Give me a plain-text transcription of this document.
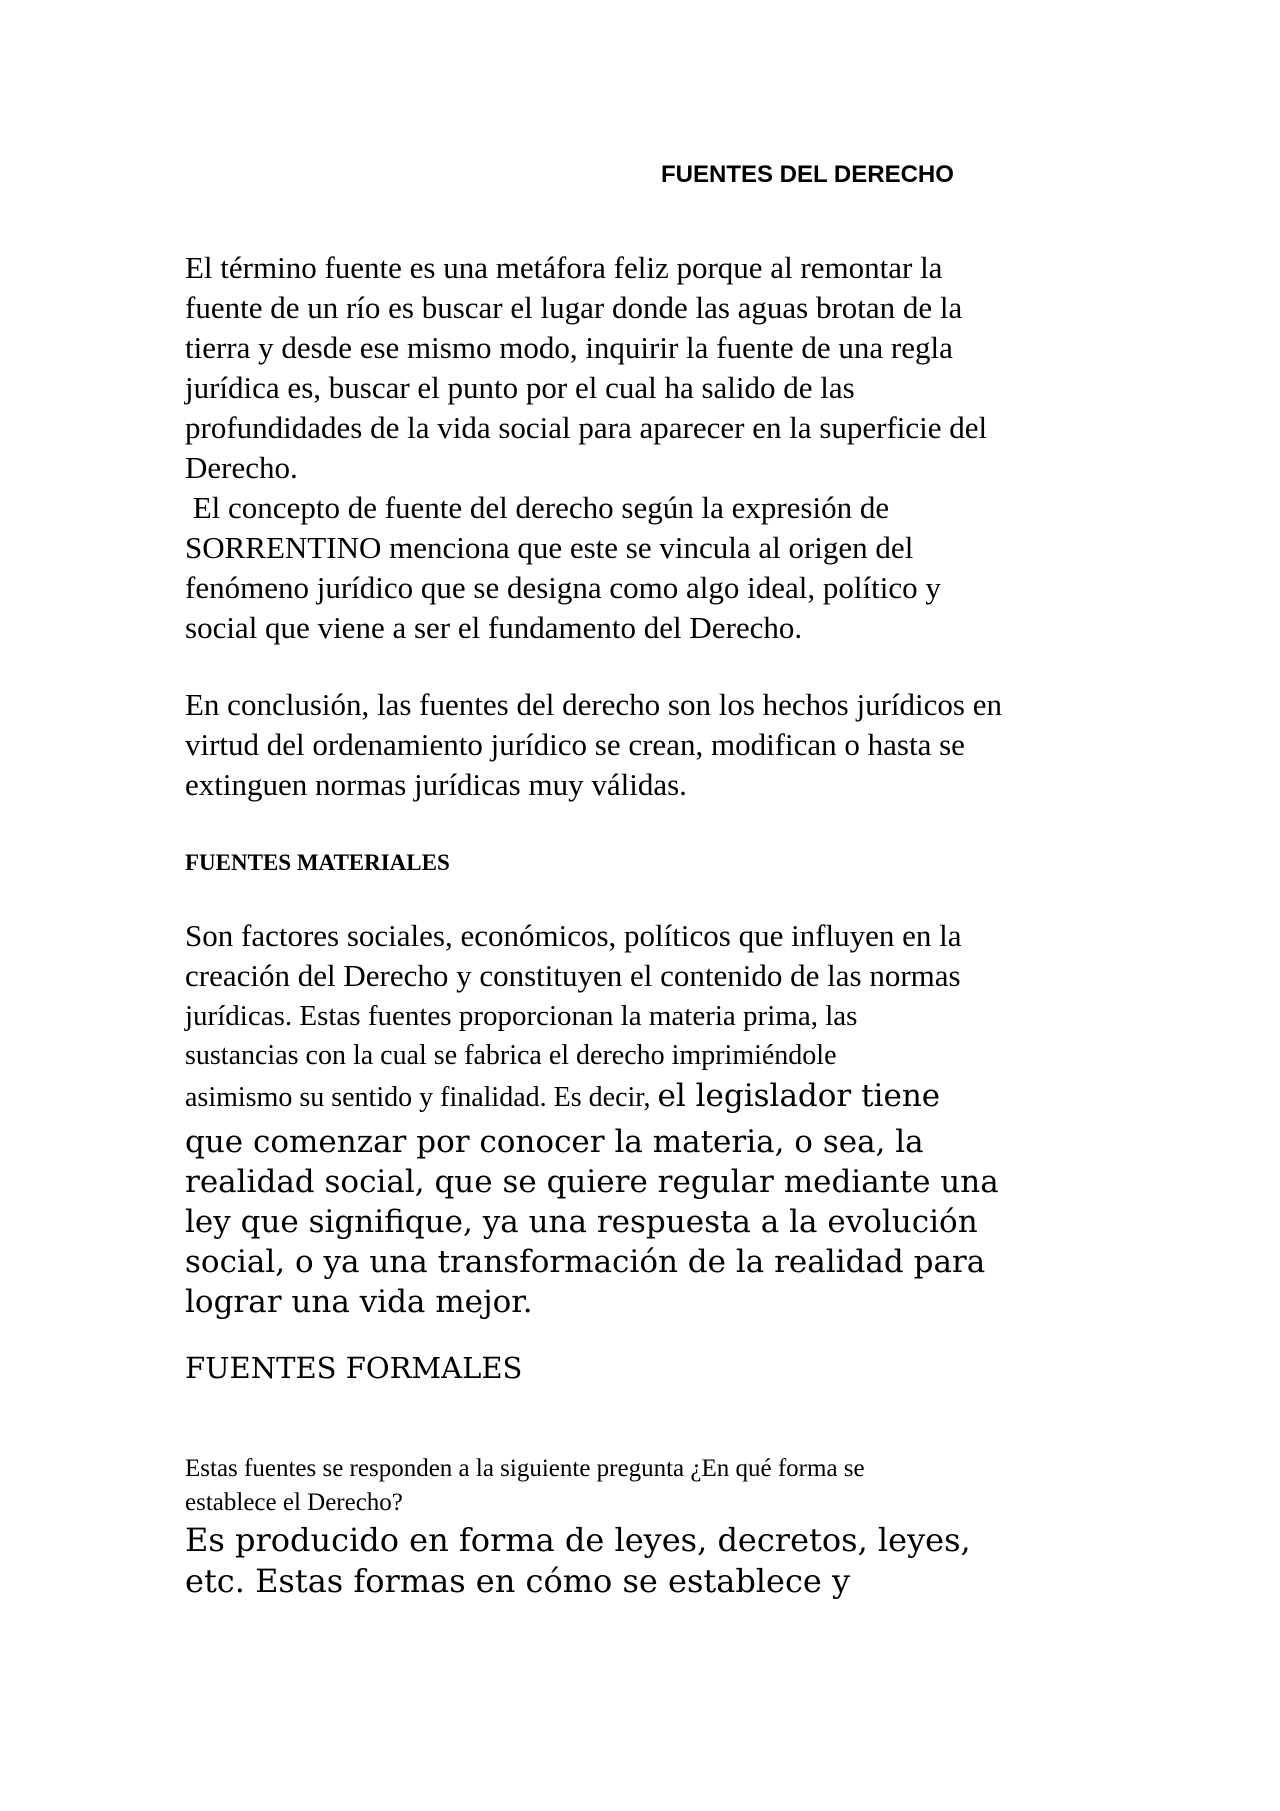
FUENTES DEL DERECHO
El término fuente es una metáfora feliz porque al remontar la
fuente de un río es buscar el lugar donde las aguas brotan de la
tierra y desde ese mismo modo, inquirir la fuente de una regla
jurídica es, buscar el punto por el cual ha salido de las
profundidades de la vida social para aparecer en la superficie del
Derecho.
El concepto de fuente del derecho según la expresión de
SORRENTINO menciona que este se vincula al origen del
fenómeno jurídico que se designa como algo ideal, político y
social que viene a ser el fundamento del Derecho.
En conclusión, las fuentes del derecho son los hechos jurídicos en
virtud del ordenamiento jurídico se crean, modifican o hasta se
extinguen normas jurídicas muy válidas.
FUENTES MATERIALES
Son factores sociales, económicos, políticos que influyen en la
creación del Derecho y constituyen el contenido de las normas
jurídicas. Estas fuentes proporcionan la materia prima, las
sustancias con la cual se fabrica el derecho imprimiéndole
asimismo su sentido y finalidad. Es decir, el legislador tiene
que comenzar por conocer la materia, o sea, la
realidad social, que se quiere regular mediante una
ley que signifique, ya una respuesta a la evolución
social, o ya una transformación de la realidad para
lograr una vida mejor.
FUENTES FORMALES
Estas fuentes se responden a la siguiente pregunta ¿En qué forma se
establece el Derecho?
Es producido en forma de leyes, decretos, leyes,
etc. Estas formas en cómo se establece y
